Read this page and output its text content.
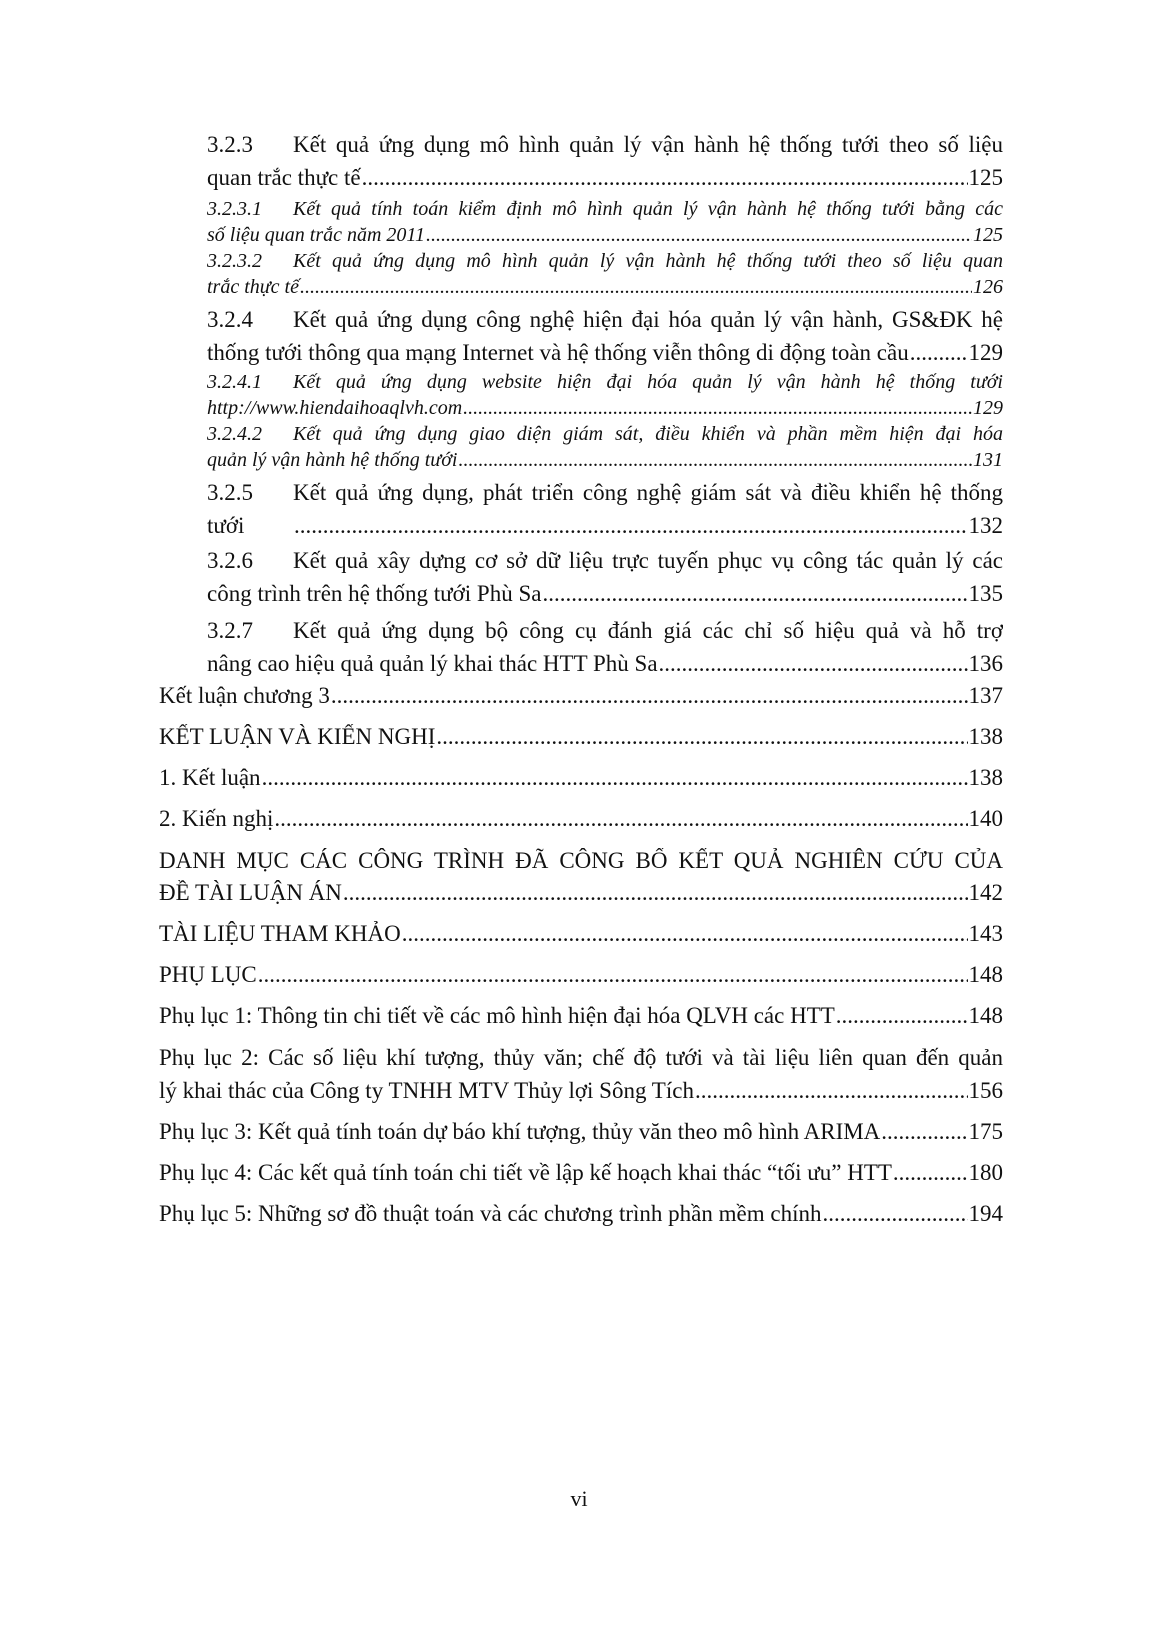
3.2.3	Kết quả ứng dụng mô hình quản lý vận hành hệ thống tưới theo số liệu
quan trắc thực tế .....	125
3.2.3.1	Kết quả tính toán kiểm định mô hình quản lý vận hành hệ thống tưới bằng các
số liệu quan trắc năm 2011 .....	125
3.2.3.2	Kết quả ứng dụng mô hình quản lý vận hành hệ thống tưới theo số liệu quan
trắc thực tế .....	126
3.2.4	Kết quả ứng dụng công nghệ hiện đại hóa quản lý vận hành, GS&ĐK hệ
thống tưới thông qua mạng Internet và hệ thống viễn thông di động toàn cầu .....	129
3.2.4.1	Kết quả ứng dụng website hiện đại hóa quản lý vận hành hệ thống tưới
http://www.hiendaihoaqlvh.com .....	129
3.2.4.2	Kết quả ứng dụng giao diện giám sát, điều khiển và phần mềm hiện đại hóa
quản lý vận hành hệ thống tưới .....	131
3.2.5	Kết quả ứng dụng, phát triển công nghệ giám sát và điều khiển hệ thống
tưới .....	132
3.2.6	Kết quả xây dựng cơ sở dữ liệu trực tuyến phục vụ công tác quản lý các
công trình trên hệ thống tưới Phù Sa .....	135
3.2.7	Kết quả ứng dụng bộ công cụ đánh giá các chỉ số hiệu quả và hỗ trợ
nâng cao hiệu quả quản lý khai thác HTT Phù Sa .....	136
Kết luận chương 3 .....	137
KẾT LUẬN VÀ KIẾN NGHỊ .....	138
1. Kết luận .....	138
2. Kiến nghị .....	140
DANH MỤC CÁC CÔNG TRÌNH ĐÃ CÔNG BỐ KẾT QUẢ NGHIÊN CỨU CỦA
ĐỀ TÀI LUẬN ÁN .....	142
TÀI LIỆU THAM KHẢO .....	143
PHỤ LỤC .....	148
Phụ lục 1: Thông tin chi tiết về các mô hình hiện đại hóa QLVH các HTT .....	148
Phụ lục 2: Các số liệu khí tượng, thủy văn; chế độ tưới và tài liệu liên quan đến quản
lý khai thác của Công ty TNHH MTV Thủy lợi Sông Tích .....	156
Phụ lục 3: Kết quả tính toán dự báo khí tượng, thủy văn theo mô hình ARIMA .....	175
Phụ lục 4: Các kết quả tính toán chi tiết về lập kế hoạch khai thác “tối ưu” HTT .....	180
Phụ lục 5: Những sơ đồ thuật toán và các chương trình phần mềm chính .....	194
vi
